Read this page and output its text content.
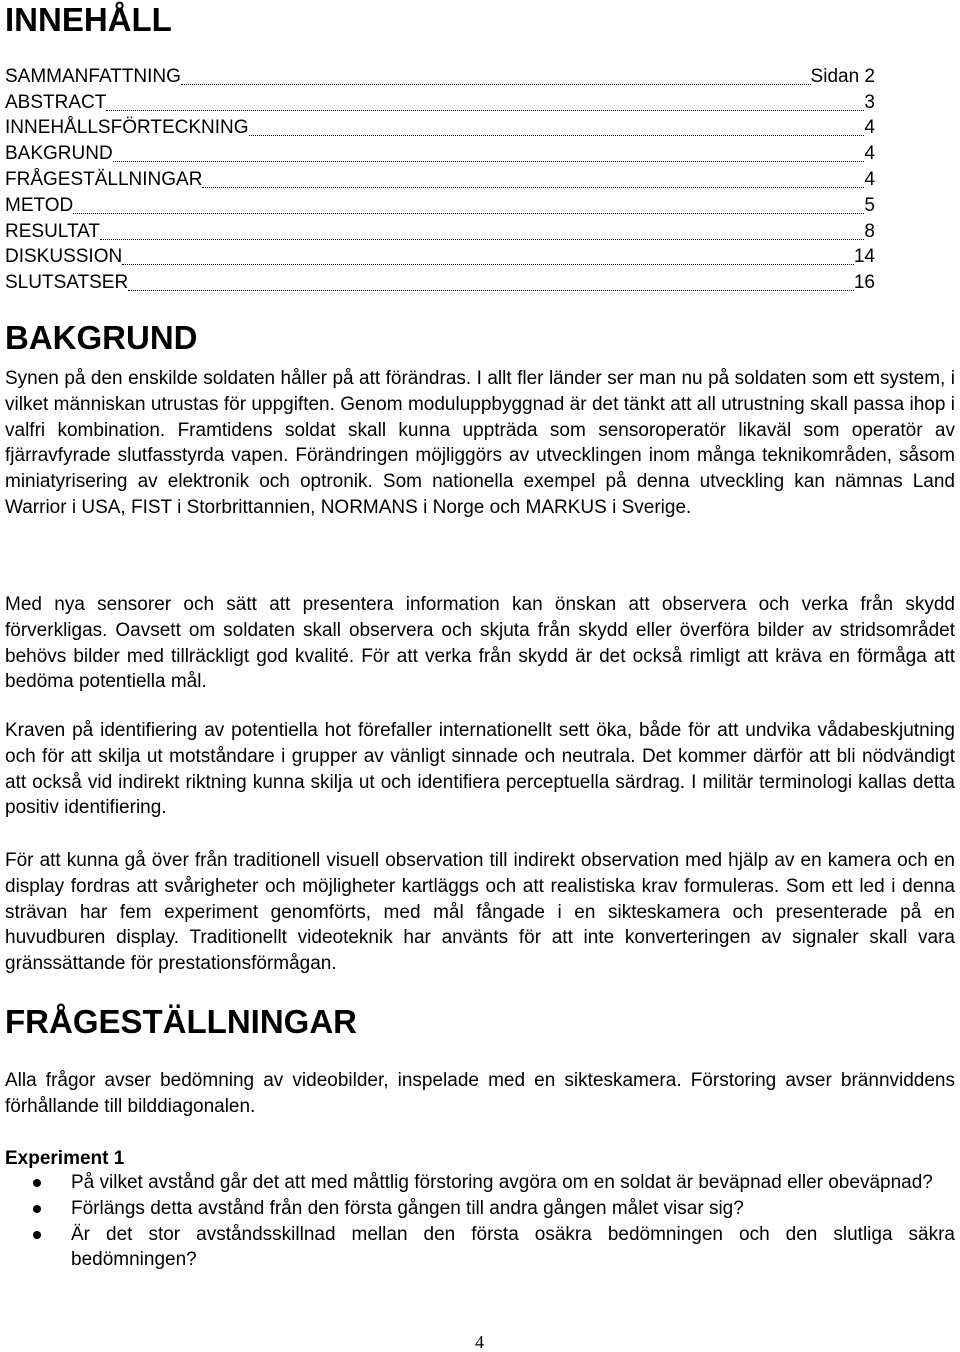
INNEHÅLL
SAMMANFATTNING	Sidan 2
ABSTRACT	3
INNEHÅLLSFÖRTECKNING	4
BAKGRUND	4
FRÅGESTÄLLNINGAR	4
METOD	5
RESULTAT	8
DISKUSSION	14
SLUTSATSER	16
BAKGRUND

Synen på den enskilde soldaten håller på att förändras. I allt fler länder ser man nu på soldaten som ett system, i vilket människan utrustas för uppgiften. Genom moduluppbyggnad är det tänkt att all utrustning skall passa ihop i valfri kombination. Framtidens soldat skall kunna uppträda som sensoroperatör likaväl som operatör av fjärravfyrade slutfasstyrda vapen. Förändringen möjliggörs av utvecklingen inom många teknikområden, såsom miniatyrisering av elektronik och optronik. Som nationella exempel på denna utveckling kan nämnas Land Warrior i USA, FIST i Storbrittannien, NORMANS i Norge och MARKUS i Sverige.

Med nya sensorer och sätt att presentera information kan önskan att observera och verka från skydd förverkligas. Oavsett om soldaten skall observera och skjuta från skydd eller överföra bilder av stridsområdet behövs bilder med tillräckligt god kvalité. För att verka från skydd är det också rimligt att kräva en förmåga att bedöma potentiella mål.

Kraven på identifiering av potentiella hot förefaller internationellt sett öka, både för att undvika vådabeskjutning och för att skilja ut motståndare i grupper av vänligt sinnade och neutrala. Det kommer därför att bli nödvändigt att också vid indirekt riktning kunna skilja ut och identifiera perceptuella särdrag. I militär terminologi kallas detta positiv identifiering.

För att kunna gå över från traditionell visuell observation till indirekt observation med hjälp av en kamera och en display fordras att svårigheter och möjligheter kartläggs och att realistiska krav formuleras. Som ett led i denna strävan har fem experiment genomförts, med mål fångade i en sikteskamera och presenterade på en huvudburen display. Traditionellt videoteknik har använts för att inte konverteringen av signaler skall vara gränssättande för prestationsförmågan.

FRÅGESTÄLLNINGAR

Alla frågor avser bedömning av videobilder, inspelade med en sikteskamera. Förstoring avser brännviddens förhållande till bilddiagonalen.

Experiment 1

På vilket avstånd går det att med måttlig förstoring avgöra om en soldat är beväpnad eller obeväpnad?
Förlängs detta avstånd från den första gången till andra gången målet visar sig?
Är det stor avståndsskillnad mellan den första osäkra bedömningen och den slutliga säkra bedömningen?
4
